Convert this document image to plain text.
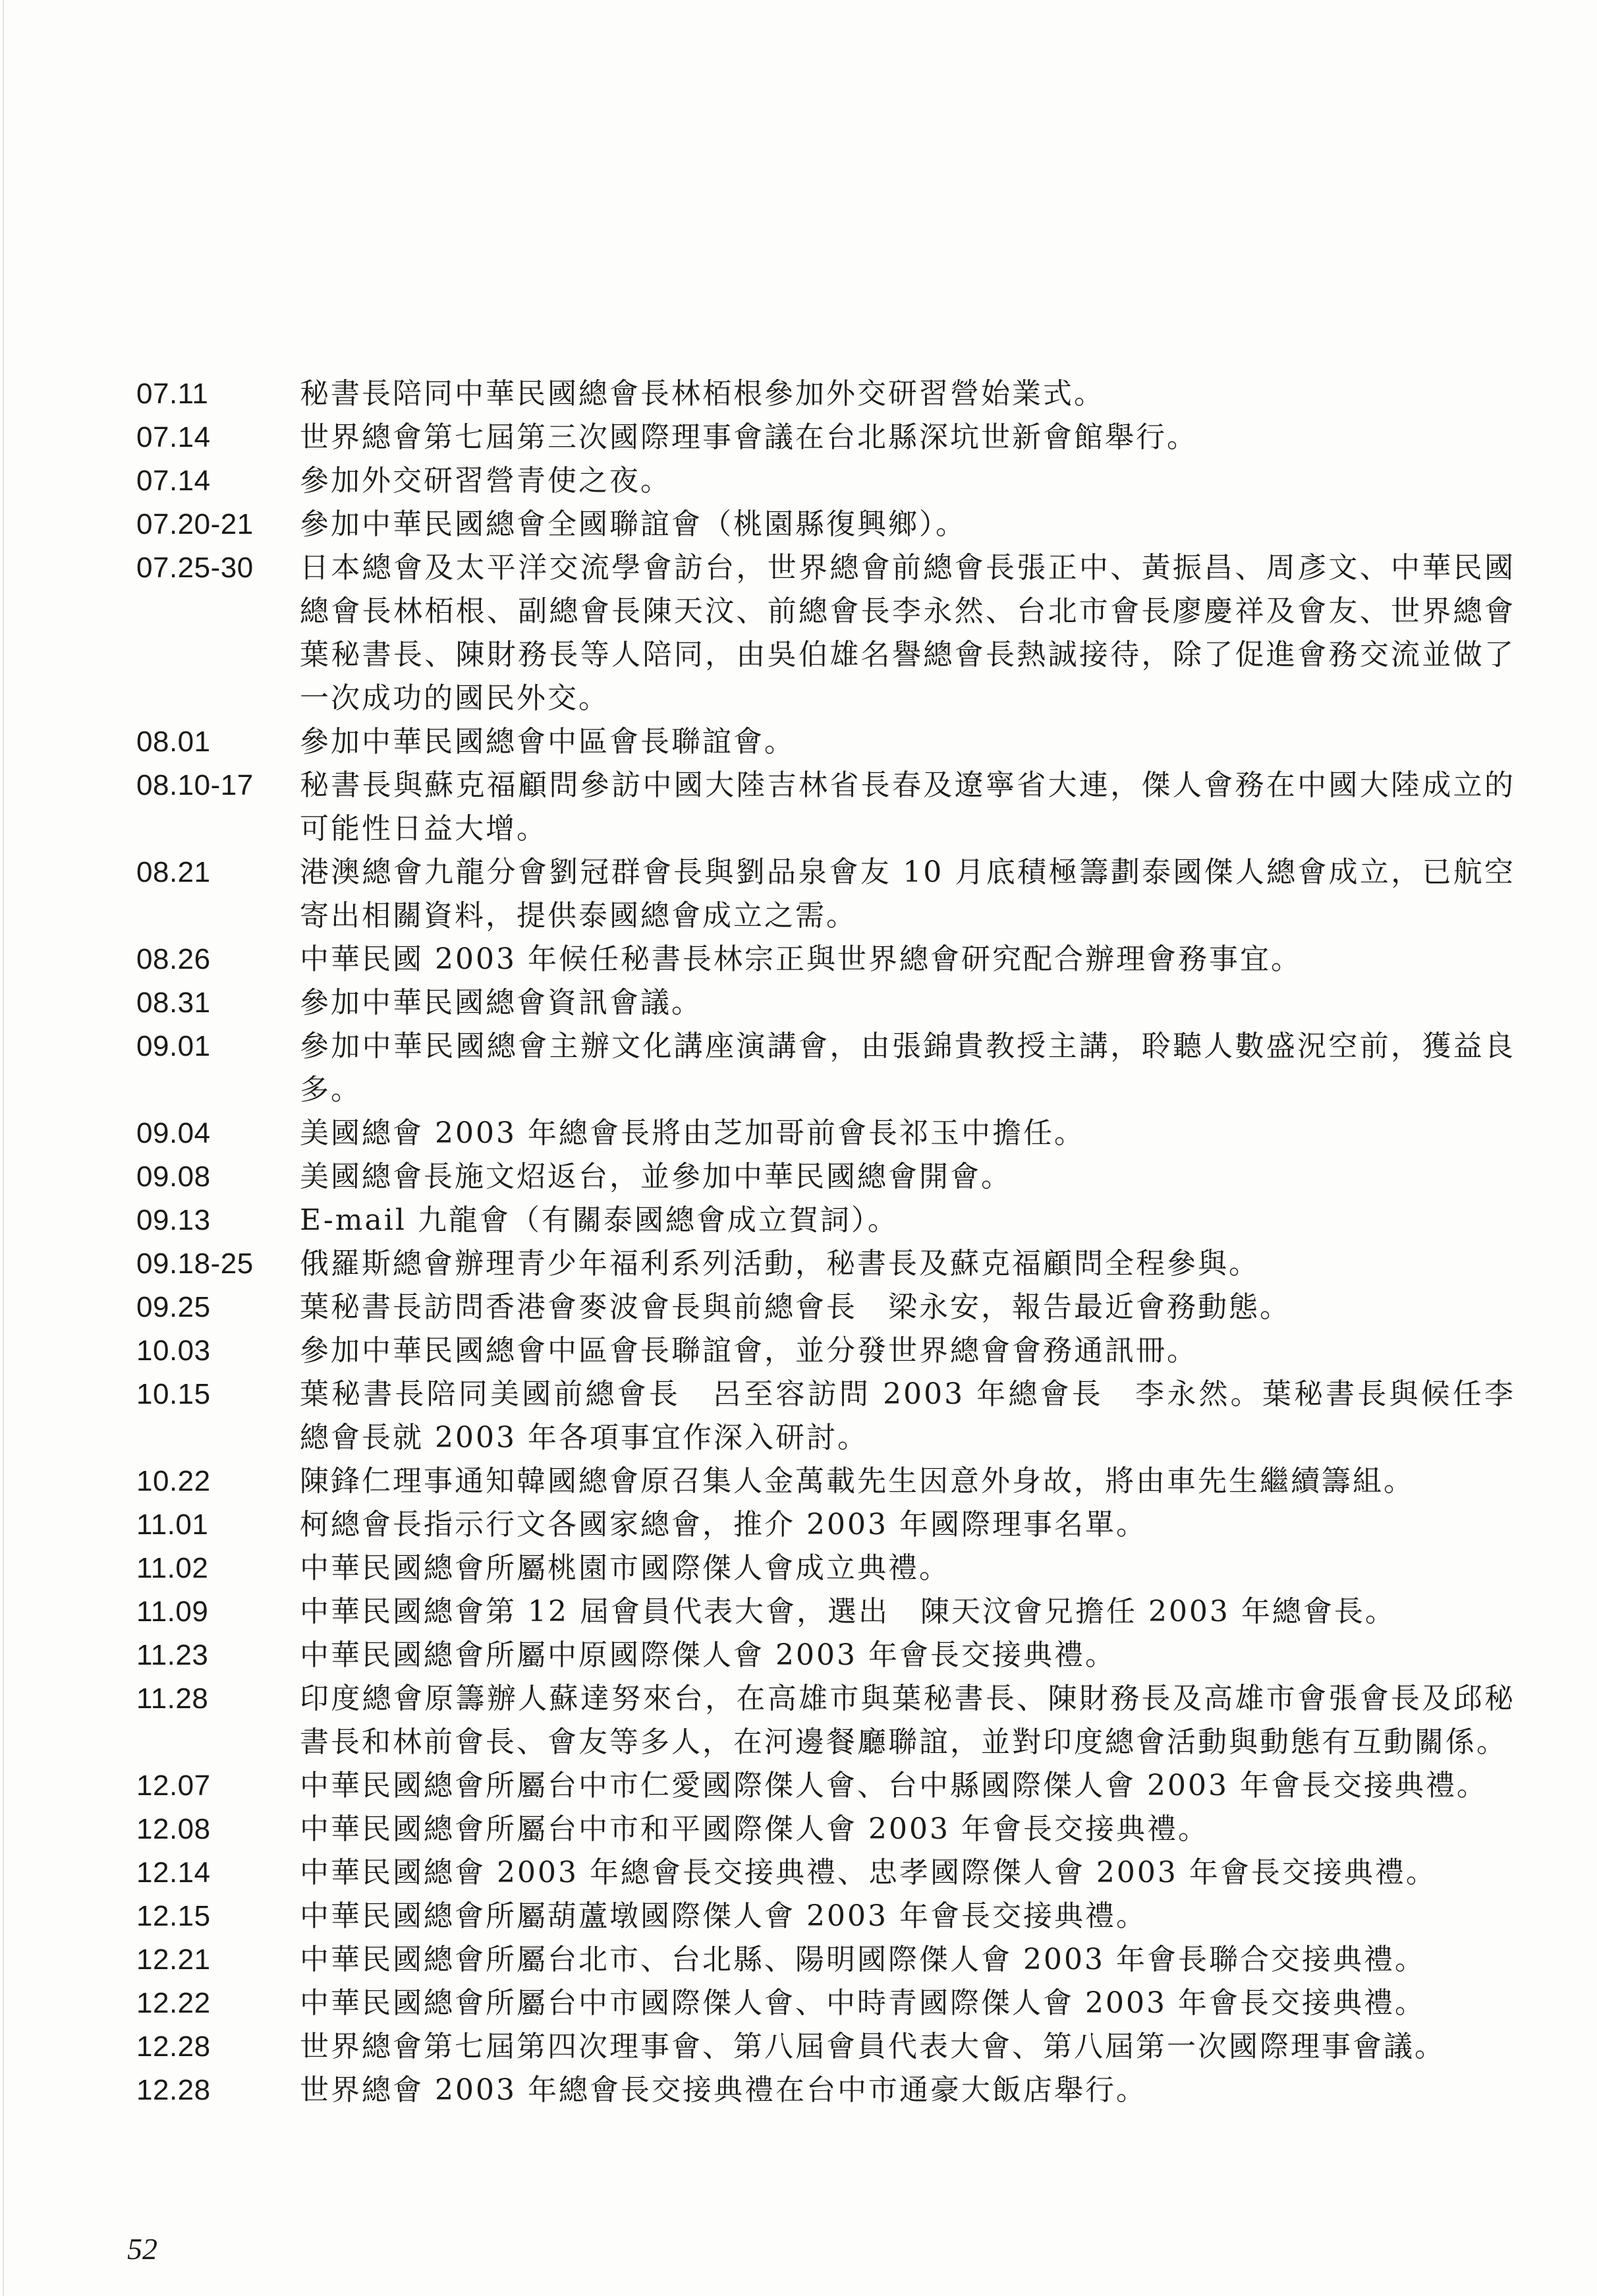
07.11	秘書長陪同中華民國總會長林栢根參加外交研習營始業式。
07.14	世界總會第七屆第三次國際理事會議在台北縣深坑世新會館舉行。
07.14	參加外交研習營青使之夜。
07.20-21 參加中華民國總會全國聯誼會（桃園縣復興鄉）。
07.25-30 日本總會及太平洋交流學會訪台，世界總會前總會長張正中、黃振昌、周彥文、中華民國總會長林栢根、副總會長陳天汶、前總會長李永然、台北市會長廖慶祥及會友、世界總會葉秘書長、陳財務長等人陪同，由吳伯雄名譽總會長熱誠接待，除了促進會務交流並做了一次成功的國民外交。
08.01	參加中華民國總會中區會長聯誼會。
08.10-17 秘書長與蘇克福顧問參訪中國大陸吉林省長春及遼寧省大連，傑人會務在中國大陸成立的可能性日益大增。
08.21	港澳總會九龍分會劉冠群會長與劉品泉會友 10 月底積極籌劃泰國傑人總會成立，已航空寄出相關資料，提供泰國總會成立之需。
08.26	中華民國 2003 年候任秘書長林宗正與世界總會研究配合辦理會務事宜。
08.31	參加中華民國總會資訊會議。
09.01	參加中華民國總會主辦文化講座演講會，由張錦貴教授主講，聆聽人數盛況空前，獲益良多。
09.04	美國總會 2003 年總會長將由芝加哥前會長祁玉中擔任。
09.08	美國總會長施文炤返台，並參加中華民國總會開會。
09.13	E-mail 九龍會（有關泰國總會成立賀詞）。
09.18-25 俄羅斯總會辦理青少年福利系列活動，秘書長及蘇克福顧問全程參與。
09.25	葉秘書長訪問香港會麥波會長與前總會長　梁永安，報告最近會務動態。
10.03	參加中華民國總會中區會長聯誼會，並分發世界總會會務通訊冊。
10.15	葉秘書長陪同美國前總會長　呂至容訪問 2003 年總會長　李永然。葉秘書長與候任李總會長就 2003 年各項事宜作深入研討。
10.22	陳鋒仁理事通知韓國總會原召集人金萬載先生因意外身故，將由車先生繼續籌組。
11.01	柯總會長指示行文各國家總會，推介 2003 年國際理事名單。
11.02	中華民國總會所屬桃園市國際傑人會成立典禮。
11.09	中華民國總會第 12 屆會員代表大會，選出　陳天汶會兄擔任 2003 年總會長。
11.23	中華民國總會所屬中原國際傑人會 2003 年會長交接典禮。
11.28	印度總會原籌辦人蘇達努來台，在高雄市與葉秘書長、陳財務長及高雄市會張會長及邱秘書長和林前會長、會友等多人，在河邊餐廳聯誼，並對印度總會活動與動態有互動關係。
12.07	中華民國總會所屬台中市仁愛國際傑人會、台中縣國際傑人會 2003 年會長交接典禮。
12.08	中華民國總會所屬台中市和平國際傑人會 2003 年會長交接典禮。
12.14	中華民國總會 2003 年總會長交接典禮、忠孝國際傑人會 2003 年會長交接典禮。
12.15	中華民國總會所屬葫蘆墩國際傑人會 2003 年會長交接典禮。
12.21	中華民國總會所屬台北市、台北縣、陽明國際傑人會 2003 年會長聯合交接典禮。
12.22	中華民國總會所屬台中市國際傑人會、中時青國際傑人會 2003 年會長交接典禮。
12.28	世界總會第七屆第四次理事會、第八屆會員代表大會、第八屆第一次國際理事會議。
12.28	世界總會 2003 年總會長交接典禮在台中市通豪大飯店舉行。
52
